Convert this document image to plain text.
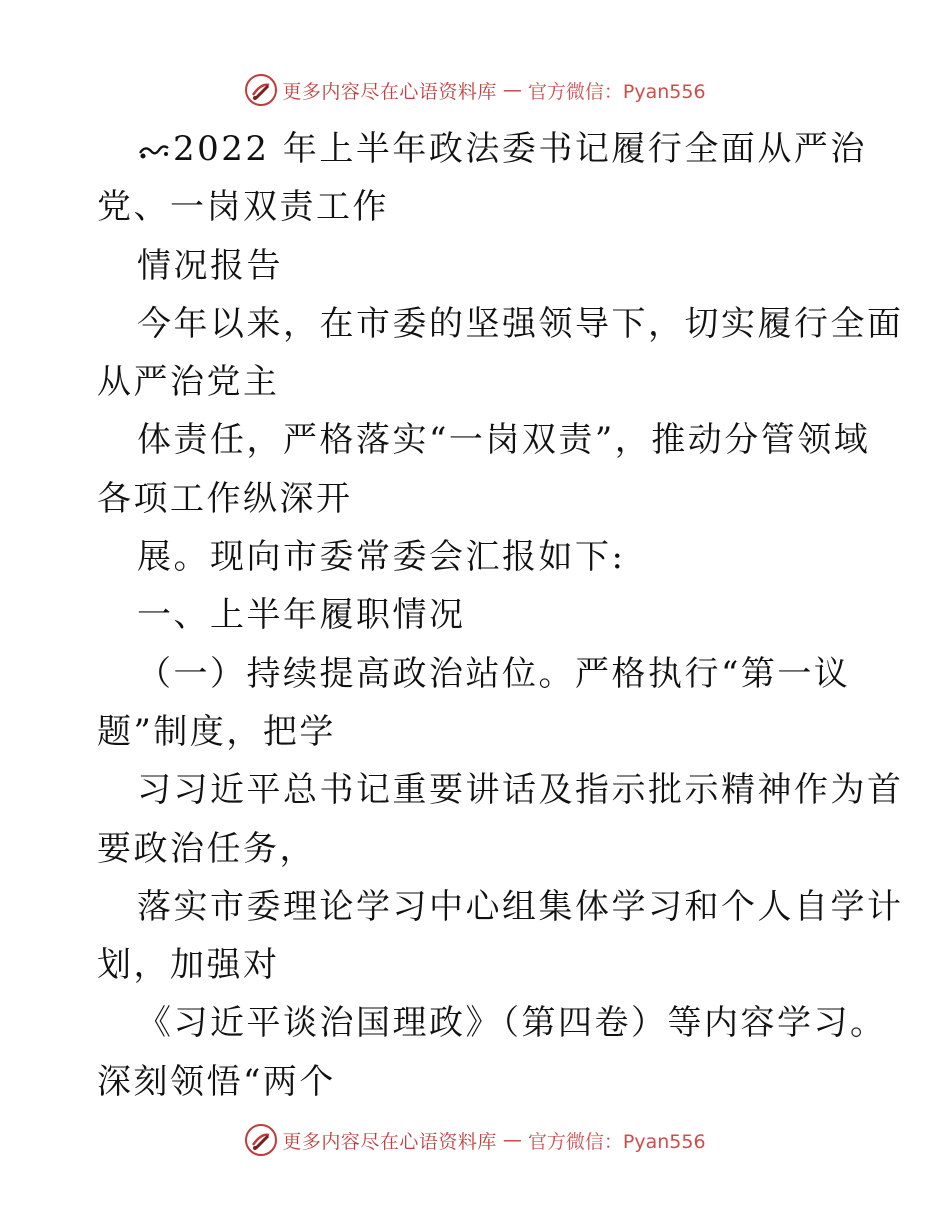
更多内容尽在心语资料库 — 官方微信：Pyan556
2022 年上半年政法委书记履行全面从严治
党、一岗双责工作
情况报告
今年以来，在市委的坚强领导下，切实履行全面
从严治党主
体责任，严格落实“一岗双责”，推动分管领域
各项工作纵深开
展。现向市委常委会汇报如下:
一、上半年履职情况
（一）持续提高政治站位。严格执行“第一议
题”制度，把学
习习近平总书记重要讲话及指示批示精神作为首
要政治任务，
落实市委理论学习中心组集体学习和个人自学计
划，加强对
《习近平谈治国理政》（第四卷）等内容学习。
深刻领悟“两个
更多内容尽在心语资料库 — 官方微信：Pyan556
